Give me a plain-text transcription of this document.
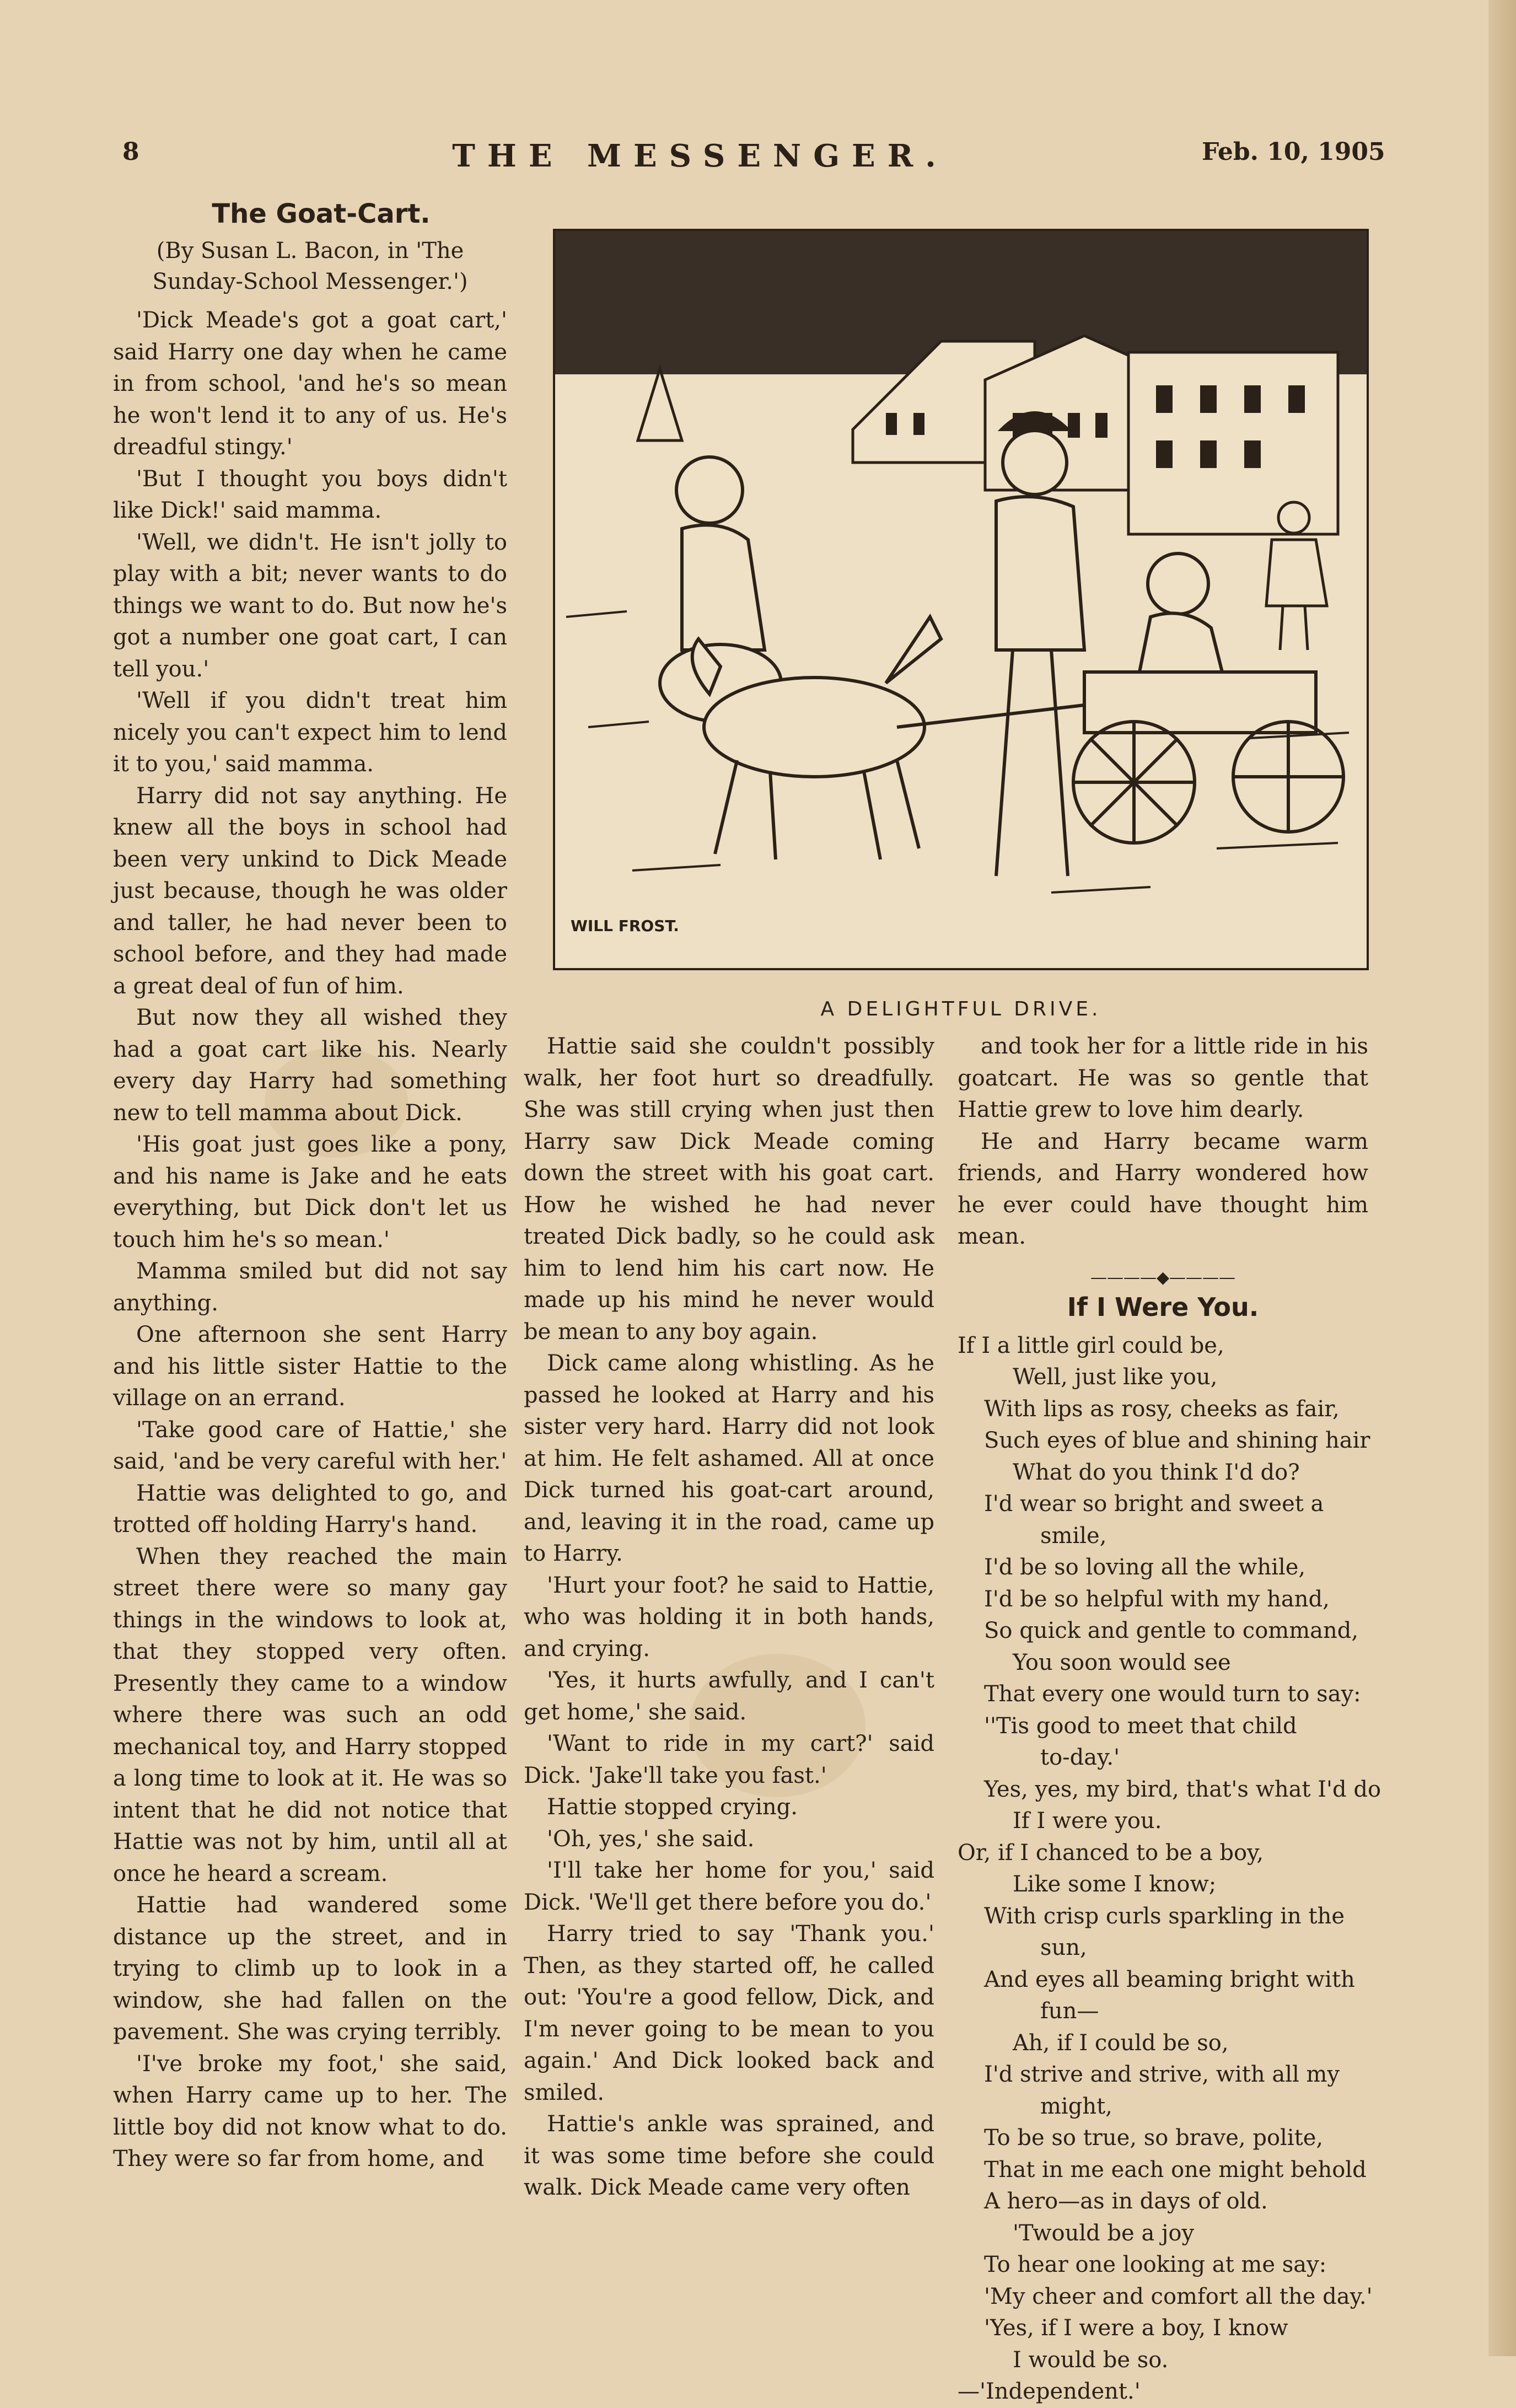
8	THE MESSENGER.	Feb. 10, 1905
The Goat-Cart.
(By Susan L. Bacon, in 'The Sunday-School Messenger.')

'Dick Meade's got a goat cart,' said Harry one day when he came in from school, 'and he's so mean he won't lend it to any of us. He's dreadful stingy.'

'But I thought you boys didn't like Dick!' said mamma.

'Well, we didn't. He isn't jolly to play with a bit; never wants to do things we want to do. But now he's got a number one goat cart, I can tell you.'

'Well if you didn't treat him nicely you can't expect him to lend it to you,' said mamma.

Harry did not say anything. He knew all the boys in school had been very unkind to Dick Meade just because, though he was older and taller, he had never been to school before, and they had made a great deal of fun of him.

But now they all wished they had a goat cart like his. Nearly every day Harry had something new to tell mamma about Dick.

'His goat just goes like a pony, and his name is Jake and he eats everything, but Dick don't let us touch him he's so mean.'

Mamma smiled but did not say anything.

One afternoon she sent Harry and his little sister Hattie to the village on an errand.

'Take good care of Hattie,' she said, 'and be very careful with her.'

Hattie was delighted to go, and trotted off holding Harry's hand.

When they reached the main street there were so many gay things in the windows to look at, that they stopped very often. Presently they came to a window where there was such an odd mechanical toy, and Harry stopped a long time to look at it. He was so intent that he did not notice that Hattie was not by him, until all at once he heard a scream.

Hattie had wandered some distance up the street, and in trying to climb up to look in a window, she had fallen on the pavement. She was crying terribly.

'I've broke my foot,' she said, when Harry came up to her. The little boy did not know what to do. They were so far from home, and

WILL FROST.
A DELIGHTFUL DRIVE.

Hattie said she couldn't possibly walk, her foot hurt so dreadfully. She was still crying when just then Harry saw Dick Meade coming down the street with his goat cart. How he wished he had never treated Dick badly, so he could ask him to lend him his cart now. He made up his mind he never would be mean to any boy again.

Dick came along whistling. As he passed he looked at Harry and his sister very hard. Harry did not look at him. He felt ashamed. All at once Dick turned his goat-cart around, and, leaving it in the road, came up to Harry.

'Hurt your foot? he said to Hattie, who was holding it in both hands, and crying.

'Yes, it hurts awfully, and I can't get home,' she said.

'Want to ride in my cart?' said Dick. 'Jake'll take you fast.'

Hattie stopped crying.

'Oh, yes,' she said.

'I'll take her home for you,' said Dick. 'We'll get there before you do.'

Harry tried to say 'Thank you.' Then, as they started off, he called out: 'You're a good fellow, Dick, and I'm never going to be mean to you again.' And Dick looked back and smiled.

Hattie's ankle was sprained, and it was some time before she could walk. Dick Meade came very often

and took her for a little ride in his goatcart. He was so gentle that Hattie grew to love him dearly.

He and Harry became warm friends, and Harry wondered how he ever could have thought him mean.

————◆————
If I Were You.
If I a little girl could be,
Well, just like you,
With lips as rosy, cheeks as fair,
Such eyes of blue and shining hair
What do you think I'd do?
I'd wear so bright and sweet a
smile,
I'd be so loving all the while,
I'd be so helpful with my hand,
So quick and gentle to command,
You soon would see
That every one would turn to say:
''Tis good to meet that child
to-day.'
Yes, yes, my bird, that's what I'd do
If I were you.
Or, if I chanced to be a boy,
Like some I know;
With crisp curls sparkling in the
sun,
And eyes all beaming bright with
fun—
Ah, if I could be so,
I'd strive and strive, with all my
might,
To be so true, so brave, polite,
That in me each one might behold
A hero—as in days of old.
'Twould be a joy
To hear one looking at me say:
'My cheer and comfort all the day.'
'Yes, if I were a boy, I know
I would be so.
—'Independent.'
